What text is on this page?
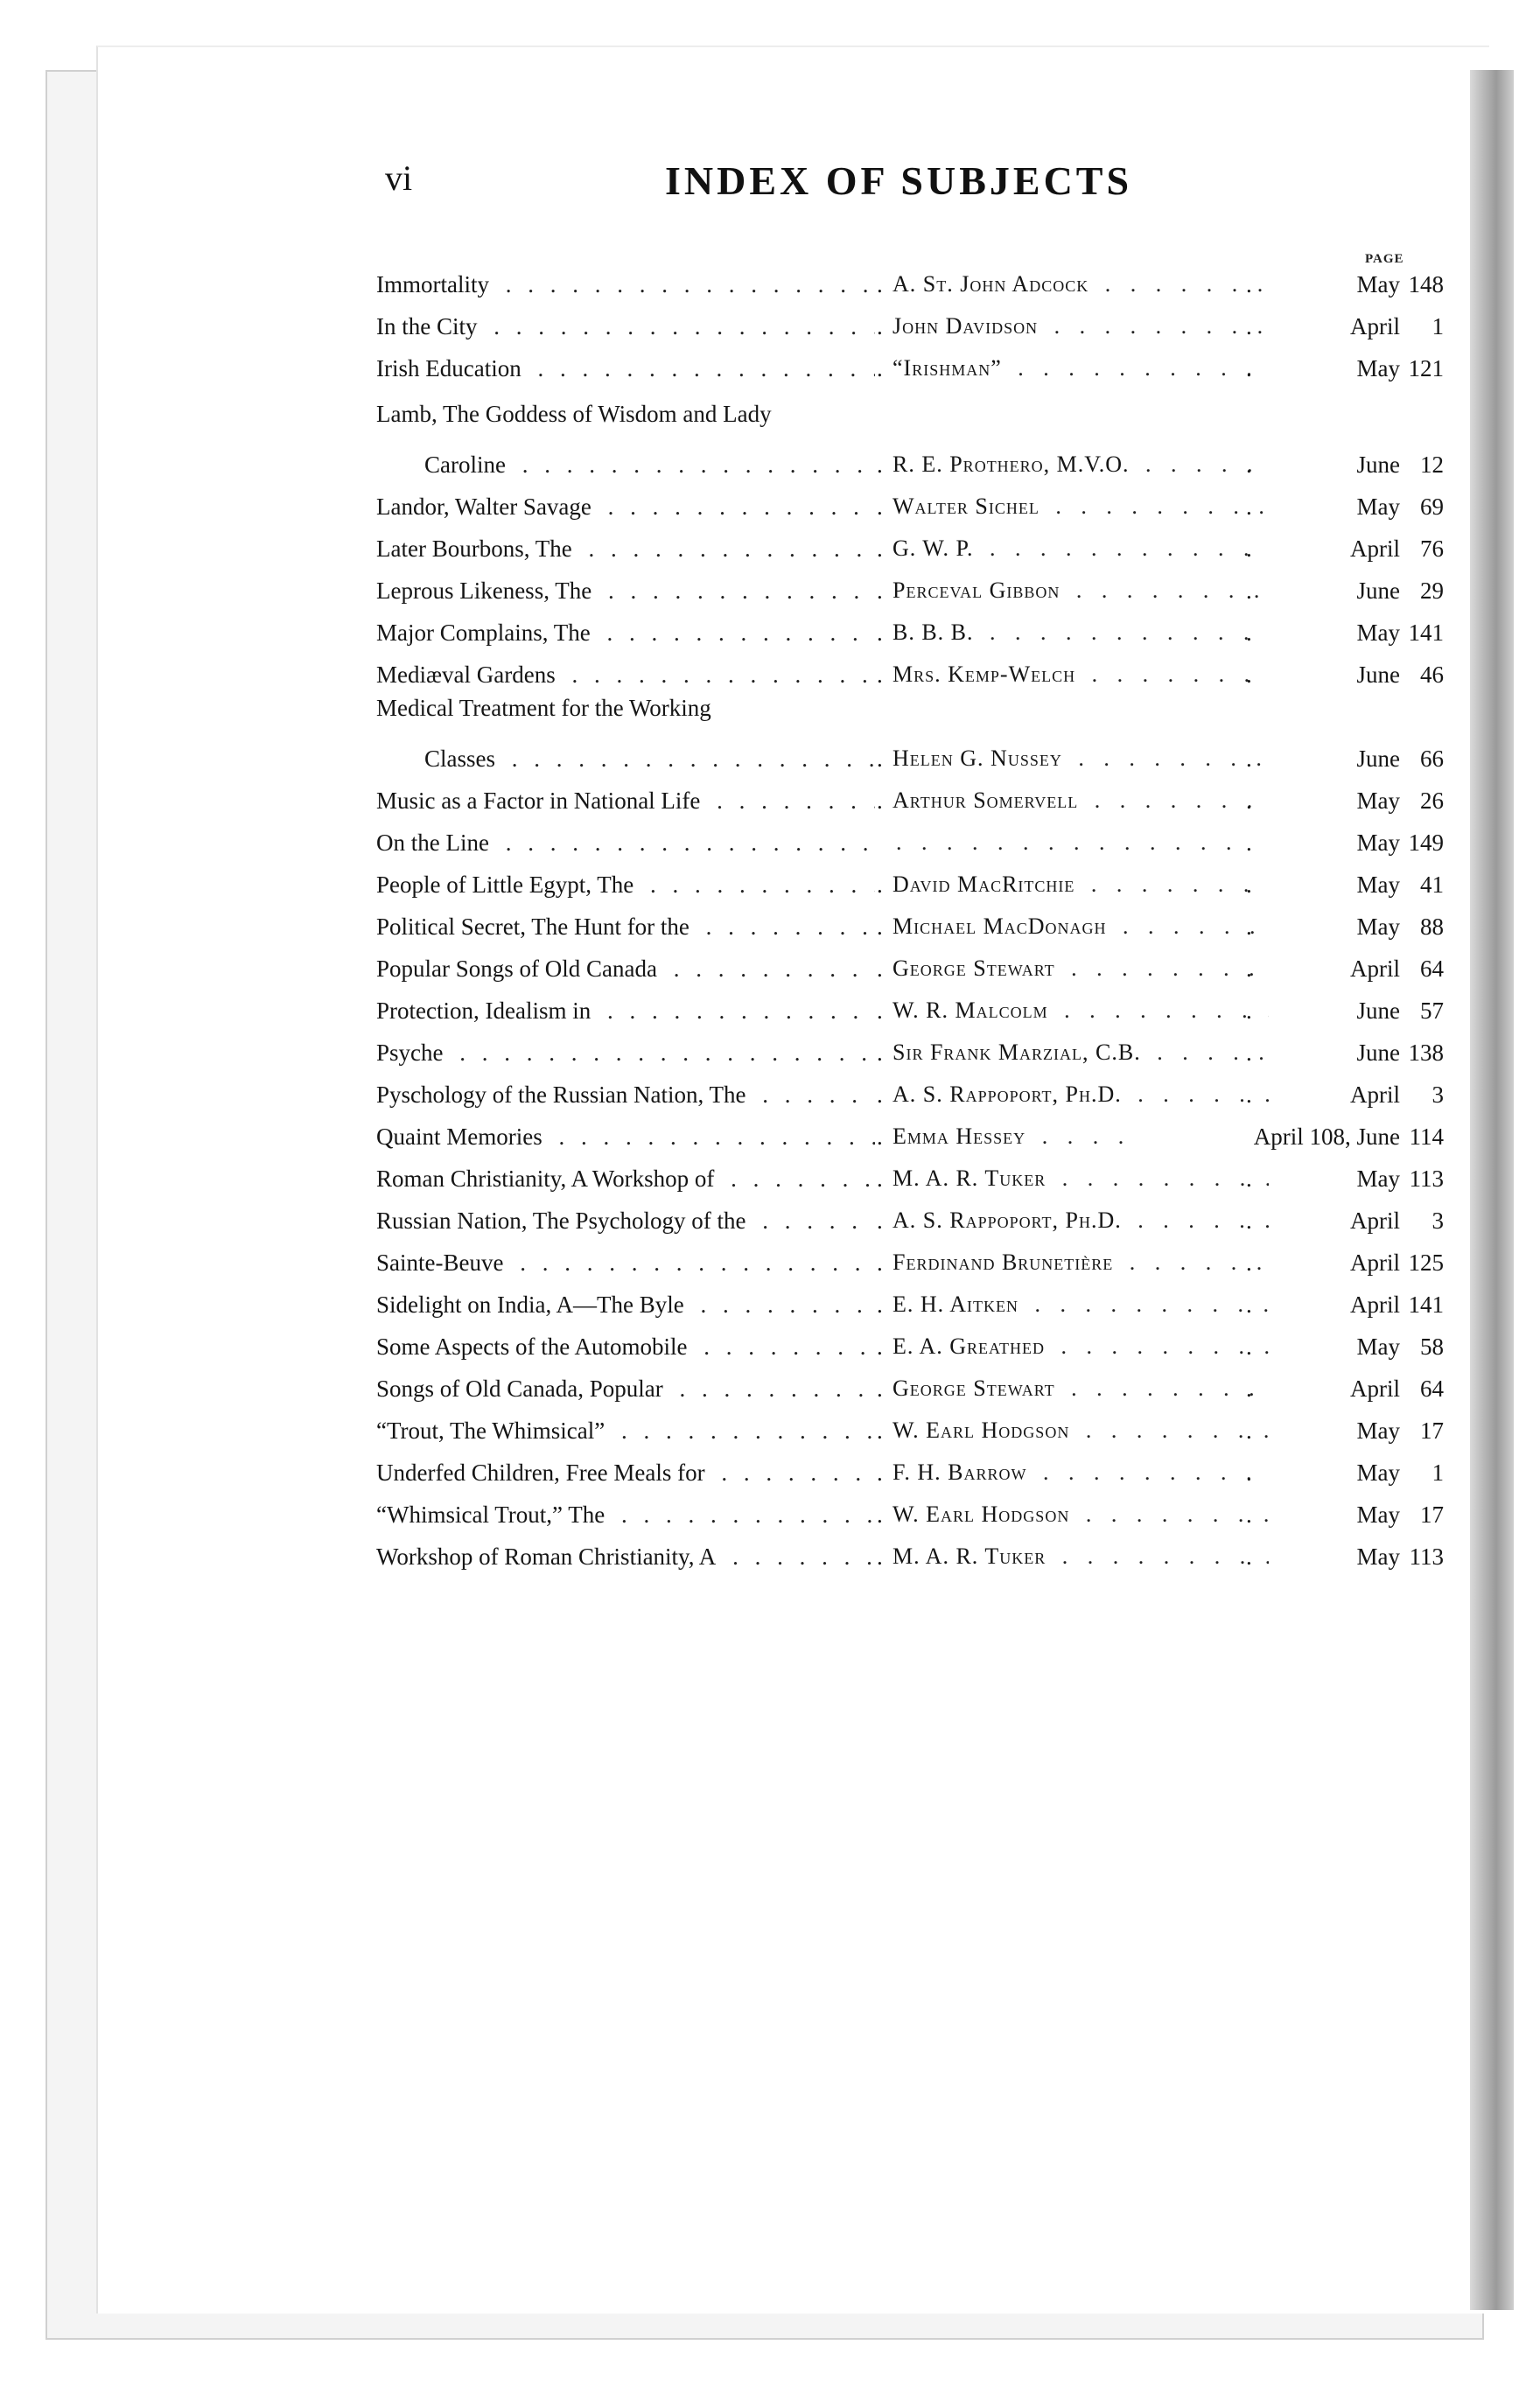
vi	INDEX OF SUBJECTS
PAGE
Immortality . . .	. A. St. John Adcock . . .	.	May 148
In the City . . .	. John Davidson . . .	.	April	1
Irish Education . . .	. “Irishman” . . .	.	May 121
Lamb, The Goddess of Wisdom and Lady
Caroline . . .	. R. E. Prothero, M.V.O. . . .	.	June 12
Landor, Walter Savage . . .	. Walter Sichel . . .	.	May 69
Later Bourbons, The . . .	. G. W. P. . . .	.	April 76
Leprous Likeness, The . . .	. Perceval Gibbon . . .	.	June 29
Major Complains, The . . .	. B. B. B. . . .	.	May 141
Mediæval Gardens . . .	. Mrs. Kemp-Welch . . .	.	June 46
Medical Treatment for the Working
Classes . . .	. Helen G. Nussey . . .	.	June 66
Music as a Factor in National Life . . .	. Arthur Somervell . . .	.	May 26
On the Line . . .
. . .	.	May 149
People of Little Egypt, The . . .	. David MacRitchie . . .	.	May 41
Political Secret, The Hunt for the . . .	. Michael MacDonagh . . .	.	May 88
Popular Songs of Old Canada . . .	. George Stewart . . .	.	April 64
Protection, Idealism in . . .	. W. R. Malcolm . . .	.	June 57
Psyche . . .	. Sir Frank Marzial, C.B. . . .	.	June 138
Pyschology of the Russian Nation, The . . .	. A. S. Rappoport, Ph.D. . . .	.	April	3
Quaint Memories . . .	. Emma Hessey . . .	April 108, June 114
Roman Christianity, A Workshop of . . .	. M. A. R. Tuker . . .	.	May 113
Russian Nation, The Psychology of the . . .	. A. S. Rappoport, Ph.D. . . .	.	April	3
Sainte-Beuve . . .	. Ferdinand Brunetière . . .	.	April 125
Sidelight on India, A—The Byle . . .	. E. H. Aitken . . .	.	April 141
Some Aspects of the Automobile . . .	. E. A. Greathed . . .	.	May 58
Songs of Old Canada, Popular . . .	. George Stewart . . .	.	April 64
“Trout, The Whimsical” . . .	. W. Earl Hodgson . . .	.	May 17
Underfed Children, Free Meals for . . .	. F. H. Barrow . . .	.	May	1
“Whimsical Trout,” The . . .	. W. Earl Hodgson . . .	.	May 17
Workshop of Roman Christianity, A . . .	. M. A. R. Tuker . . .	.	May 113
